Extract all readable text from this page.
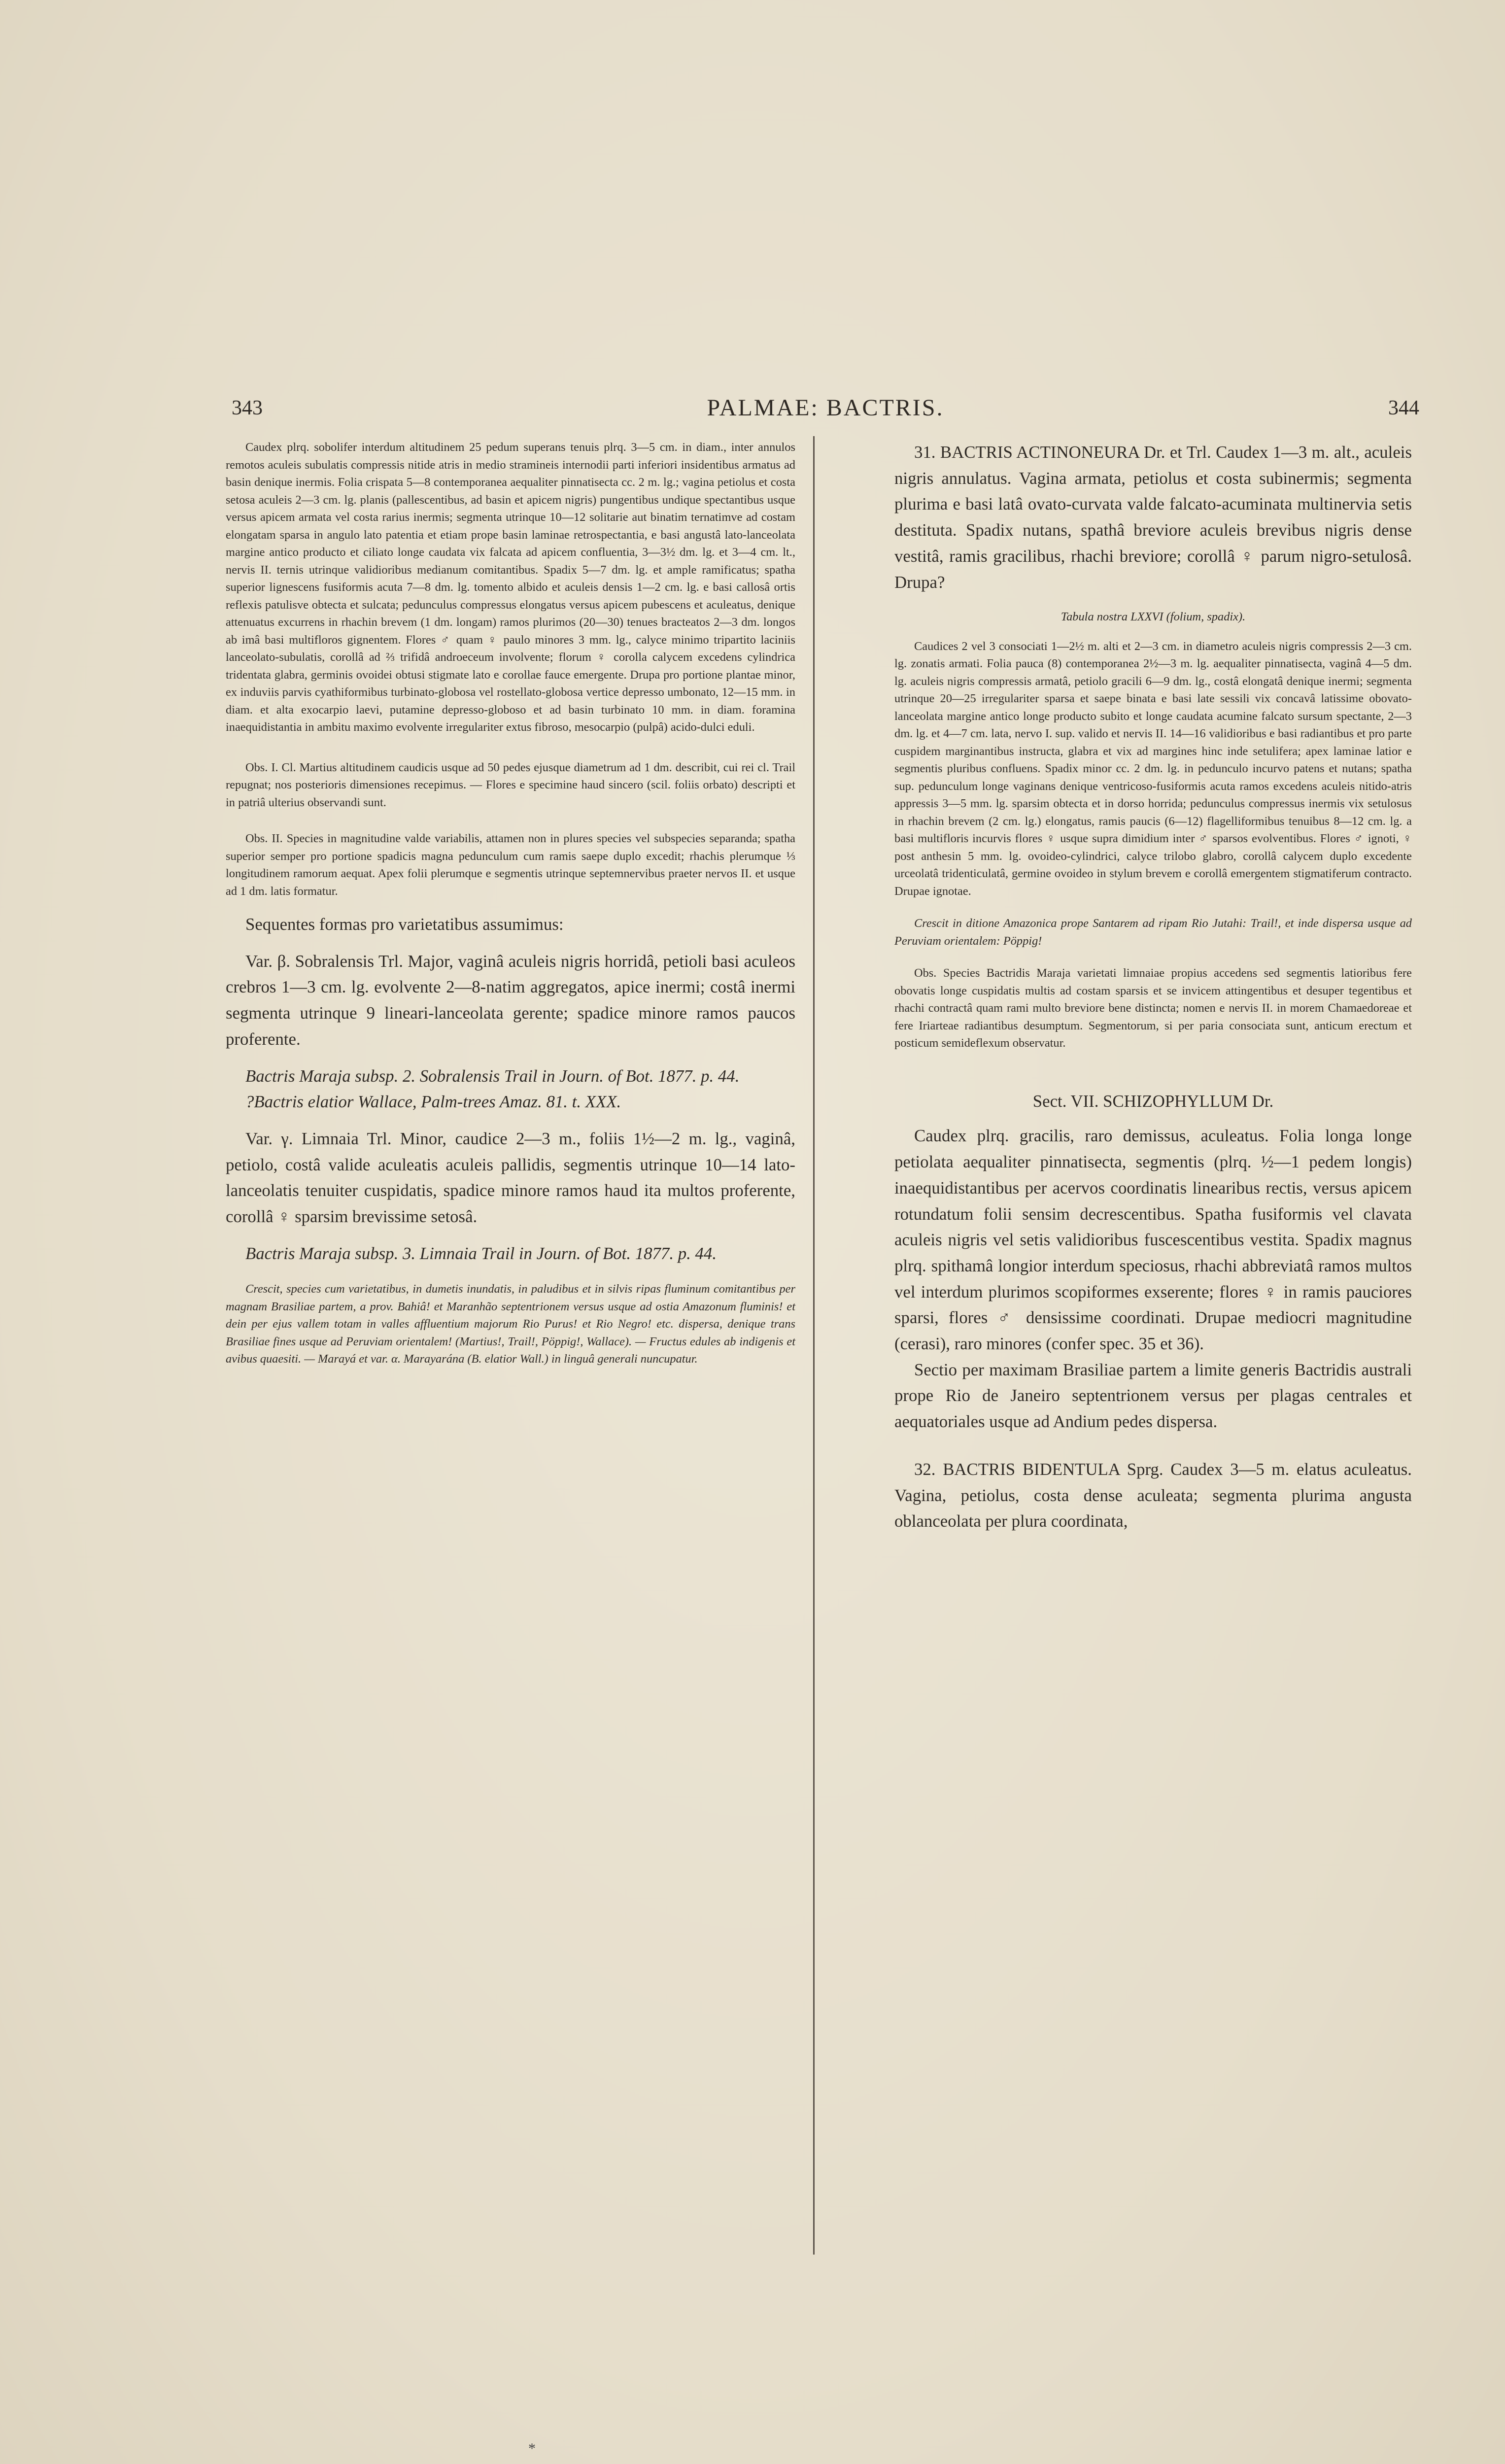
343	PALMAE: BACTRIS.	344

Caudex plrq. sobolifer interdum altitudinem 25 pedum superans tenuis plrq. 3—5 cm. in diam., inter annulos remotos aculeis subulatis compressis nitide atris in medio stramineis internodii parti inferiori insidentibus armatus ad basin denique inermis. Folia crispata 5—8 contemporanea aequaliter pinnatisecta cc. 2 m. lg.; vagina petiolus et costa setosa aculeis 2—3 cm. lg. planis (pallescentibus, ad basin et apicem nigris) pungentibus undique spectantibus usque versus apicem armata vel costa rarius inermis; segmenta utrinque 10—12 solitarie aut binatim ternatimve ad costam elongatam sparsa in angulo lato patentia et etiam prope basin laminae retrospectantia, e basi angustâ lato-lanceolata margine antico producto et ciliato longe caudata vix falcata ad apicem confluentia, 3—3½ dm. lg. et 3—4 cm. lt., nervis II. ternis utrinque validioribus medianum comitantibus. Spadix 5—7 dm. lg. et ample ramificatus; spatha superior lignescens fusiformis acuta 7—8 dm. lg. tomento albido et aculeis densis 1—2 cm. lg. e basi callosâ ortis reflexis patulisve obtecta et sulcata; pedunculus compressus elongatus versus apicem pubescens et aculeatus, denique attenuatus excurrens in rhachin brevem (1 dm. longam) ramos plurimos (20—30) tenues bracteatos 2—3 dm. longos ab imâ basi multifloros gignentem. Flores ♂ quam ♀ paulo minores 3 mm. lg., calyce minimo tripartito laciniis lanceolato-subulatis, corollâ ad ⅔ trifidâ androeceum involvente; florum ♀ corolla calycem excedens cylindrica tridentata glabra, germinis ovoidei obtusi stigmate lato e corollae fauce emergente. Drupa pro portione plantae minor, ex induviis parvis cyathiformibus turbinato-globosa vel rostellato-globosa vertice depresso umbonato, 12—15 mm. in diam. et alta exocarpio laevi, putamine depresso-globoso et ad basin turbinato 10 mm. in diam. foramina inaequidistantia in ambitu maximo evolvente irregulariter extus fibroso, mesocarpio (pulpâ) acido-dulci eduli.

Obs. I. Cl. Martius altitudinem caudicis usque ad 50 pedes ejusque diametrum ad 1 dm. describit, cui rei cl. Trail repugnat; nos posterioris dimensiones recepimus. — Flores e specimine haud sincero (scil. foliis orbato) descripti et in patriâ ulterius observandi sunt.

Obs. II. Species in magnitudine valde variabilis, attamen non in plures species vel subspecies separanda; spatha superior semper pro portione spadicis magna pedunculum cum ramis saepe duplo excedit; rhachis plerumque ⅓ longitudinem ramorum aequat. Apex folii plerumque e segmentis utrinque septemnervibus praeter nervos II. et usque ad 1 dm. latis formatur.

Sequentes formas pro varietatibus assumimus:

Var. β. Sobralensis Trl. Major, vaginâ aculeis nigris horridâ, petioli basi aculeos crebros 1—3 cm. lg. evolvente 2—8-natim aggregatos, apice inermi; costâ inermi segmenta utrinque 9 lineari-lanceolata gerente; spadice minore ramos paucos proferente.

Bactris Maraja subsp. 2. Sobralensis Trail in Journ. of Bot. 1877. p. 44.

?Bactris elatior Wallace, Palm-trees Amaz. 81. t. XXX.

Var. γ. Limnaia Trl. Minor, caudice 2—3 m., foliis 1½—2 m. lg., vaginâ, petiolo, costâ valide aculeatis aculeis pallidis, segmentis utrinque 10—14 lato-lanceolatis tenuiter cuspidatis, spadice minore ramos haud ita multos proferente, corollâ ♀ sparsim brevissime setosâ.

Bactris Maraja subsp. 3. Limnaia Trail in Journ. of Bot. 1877. p. 44.

Crescit, species cum varietatibus, in dumetis inundatis, in paludibus et in silvis ripas fluminum comitantibus per magnam Brasiliae partem, a prov. Bahiâ! et Maranhão septentrionem versus usque ad ostia Amazonum fluminis! et dein per ejus vallem totam in valles affluentium majorum Rio Purus! et Rio Negro! etc. dispersa, denique trans Brasiliae fines usque ad Peruviam orientalem! (Martius!, Trail!, Pöppig!, Wallace). — Fructus edules ab indigenis et avibus quaesiti. — Marayá et var. α. Marayarána (B. elatior Wall.) in linguâ generali nuncupatur.

31. BACTRIS ACTINONEURA Dr. et Trl. Caudex 1—3 m. alt., aculeis nigris annulatus. Vagina armata, petiolus et costa subinermis; segmenta plurima e basi latâ ovato-curvata valde falcato-acuminata multinervia setis destituta. Spadix nutans, spathâ breviore aculeis brevibus nigris dense vestitâ, ramis gracilibus, rhachi breviore; corollâ ♀ parum nigro-setulosâ. Drupa?

Tabula nostra LXXVI (folium, spadix).

Caudices 2 vel 3 consociati 1—2½ m. alti et 2—3 cm. in diametro aculeis nigris compressis 2—3 cm. lg. zonatis armati. Folia pauca (8) contemporanea 2½—3 m. lg. aequaliter pinnatisecta, vaginâ 4—5 dm. lg. aculeis nigris compressis armatâ, petiolo gracili 6—9 dm. lg., costâ elongatâ denique inermi; segmenta utrinque 20—25 irregulariter sparsa et saepe binata e basi late sessili vix concavâ latissime obovato-lanceolata margine antico longe producto subito et longe caudata acumine falcato sursum spectante, 2—3 dm. lg. et 4—7 cm. lata, nervo I. sup. valido et nervis II. 14—16 validioribus e basi radiantibus et pro parte cuspidem marginantibus instructa, glabra et vix ad margines hinc inde setulifera; apex laminae latior e segmentis pluribus confluens. Spadix minor cc. 2 dm. lg. in pedunculo incurvo patens et nutans; spatha sup. pedunculum longe vaginans denique ventricoso-fusiformis acuta ramos excedens aculeis nitido-atris appressis 3—5 mm. lg. sparsim obtecta et in dorso horrida; pedunculus compressus inermis vix setulosus in rhachin brevem (2 cm. lg.) elongatus, ramis paucis (6—12) flagelliformibus tenuibus 8—12 cm. lg. a basi multifloris incurvis flores ♀ usque supra dimidium inter ♂ sparsos evolventibus. Flores ♂ ignoti, ♀ post anthesin 5 mm. lg. ovoideo-cylindrici, calyce trilobo glabro, corollâ calycem duplo excedente urceolatâ tridenticulatâ, germine ovoideo in stylum brevem e corollâ emergentem stigmatiferum contracto. Drupae ignotae.

Crescit in ditione Amazonica prope Santarem ad ripam Rio Jutahi: Trail!, et inde dispersa usque ad Peruviam orientalem: Pöppig!

Obs. Species Bactridis Maraja varietati limnaiae propius accedens sed segmentis latioribus fere obovatis longe cuspidatis multis ad costam sparsis et se invicem attingentibus et desuper tegentibus et rhachi contractâ quam rami multo breviore bene distincta; nomen e nervis II. in morem Chamaedoreae et fere Iriarteae radiantibus desumptum. Segmentorum, si per paria consociata sunt, anticum erectum et posticum semideflexum observatur.

Sect. VII. SCHIZOPHYLLUM Dr.

Caudex plrq. gracilis, raro demissus, aculeatus. Folia longa longe petiolata aequaliter pinnatisecta, segmentis (plrq. ½—1 pedem longis) inaequidistantibus per acervos coordinatis linearibus rectis, versus apicem rotundatum folii sensim decrescentibus. Spatha fusiformis vel clavata aculeis nigris vel setis validioribus fuscescentibus vestita. Spadix magnus plrq. spithamâ longior interdum speciosus, rhachi abbreviatâ ramos multos vel interdum plurimos scopiformes exserente; flores ♀ in ramis pauciores sparsi, flores ♂ densissime coordinati. Drupae mediocri magnitudine (cerasi), raro minores (confer spec. 35 et 36).

Sectio per maximam Brasiliae partem a limite generis Bactridis australi prope Rio de Janeiro septentrionem versus per plagas centrales et aequatoriales usque ad Andium pedes dispersa.

32. BACTRIS BIDENTULA Sprg. Caudex 3—5 m. elatus aculeatus. Vagina, petiolus, costa dense aculeata; segmenta plurima angusta oblanceolata per plura coordinata,

*
